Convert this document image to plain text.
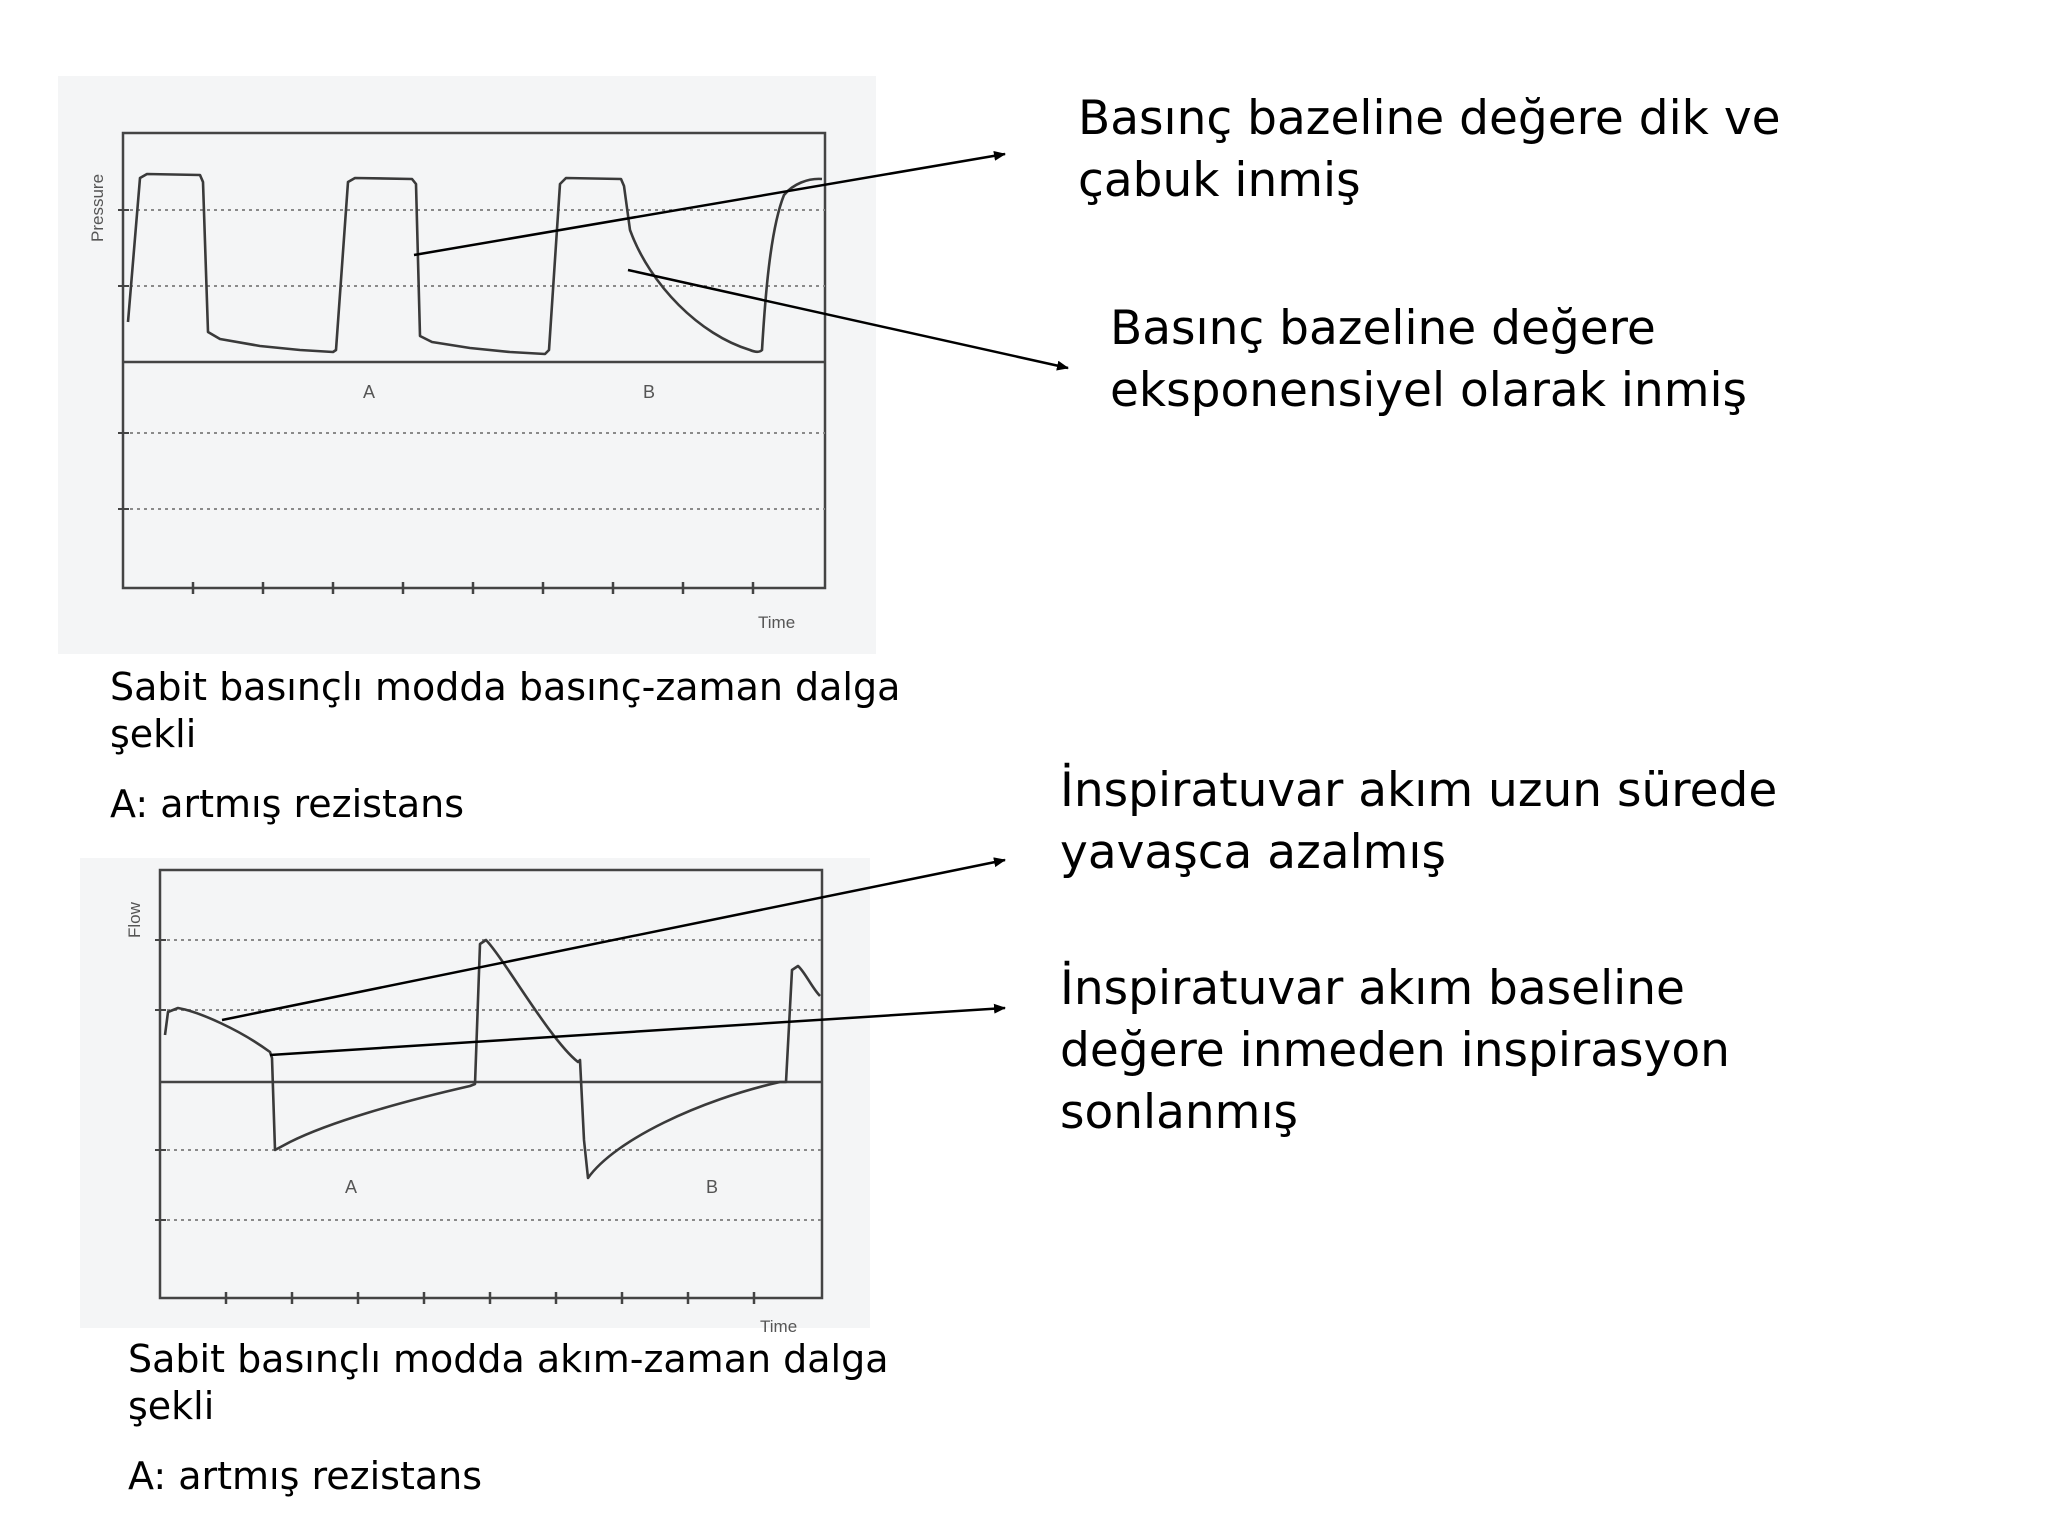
Pressure
Time
A	B
Flow
Time
A	B
Sabit basınçlı modda basınç-zaman dalga
şekli
A: artmış rezistans
Sabit basınçlı modda akım-zaman dalga
şekli
A: artmış rezistans
Basınç bazeline değere dik ve
çabuk inmiş
Basınç bazeline değere
eksponensiyel olarak inmiş
İnspiratuvar akım uzun sürede
yavaşca azalmış
İnspiratuvar akım baseline
değere inmeden inspirasyon
sonlanmış
